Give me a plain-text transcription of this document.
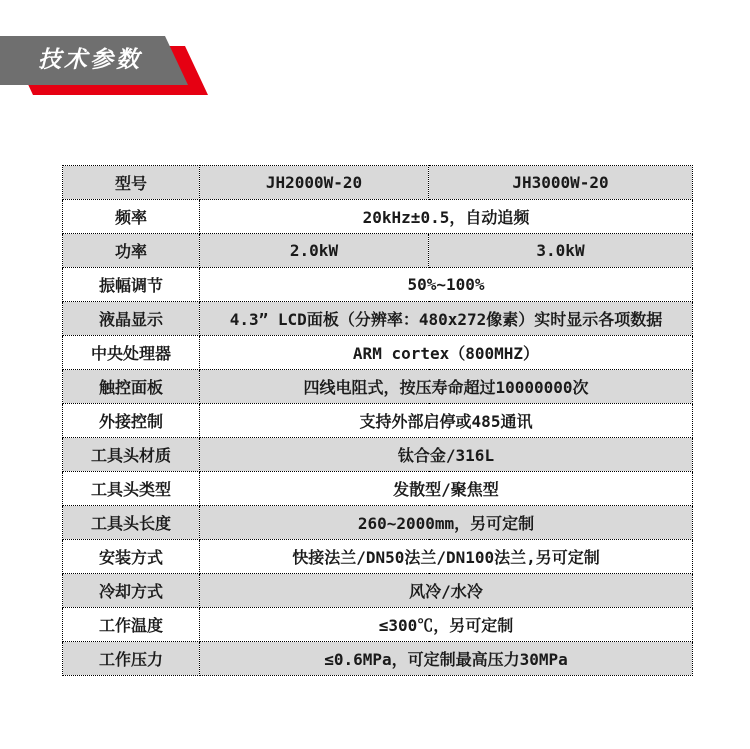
技术参数
型号	JH2000W-20	JH3000W-20
频率	20kHz±0.5，自动追频	
功率	2.0kW	3.0kW
振幅调节	50%~100%	
液晶显示	4.3” LCD面板（分辨率：480x272像素）实时显示各项数据	
中央处理器	ARM cortex（800MHZ）	
触控面板	四线电阻式，按压寿命超过10000000次	
外接控制	支持外部启停或485通讯	
工具头材质	钛合金/316L	
工具头类型	发散型/聚焦型	
工具头长度	260~2000mm，另可定制	
安装方式	快接法兰/DN50法兰/DN100法兰,另可定制	
冷却方式	风冷/水冷	
工作温度	≤300℃，另可定制	
工作压力	≤0.6MPa，可定制最高压力30MPa	
